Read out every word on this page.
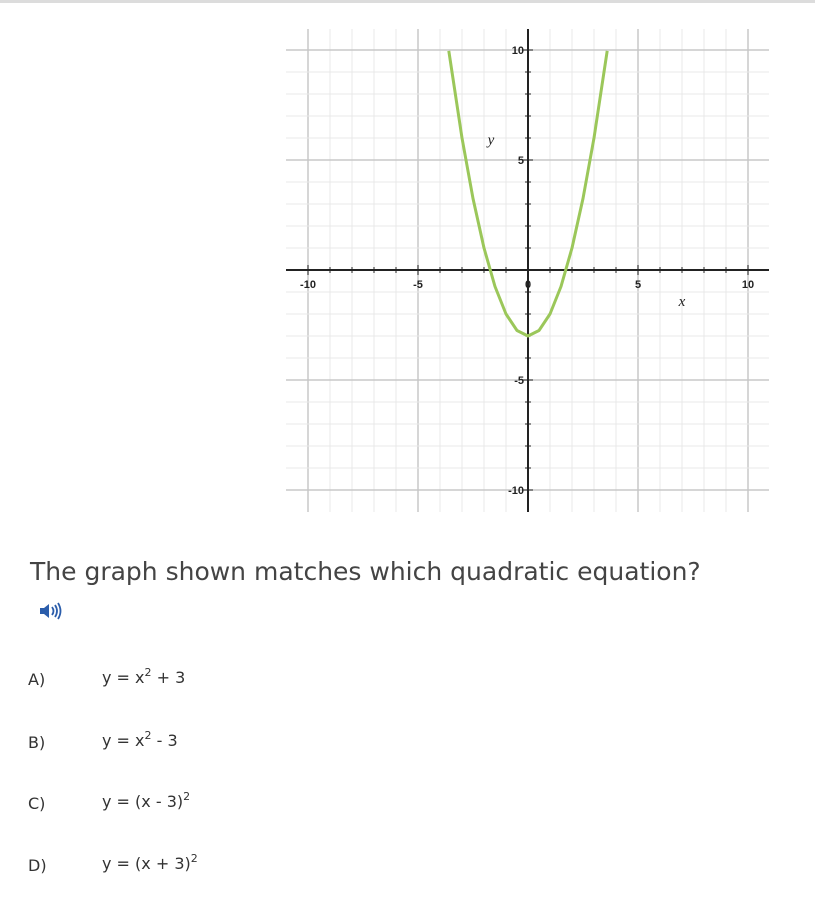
-10	-5	0	5	10
10
5
-5
-10
x
y
The graph shown matches which quadratic equation?
A)	$y = x^2 + 3$
B)	$y = x^2 - 3$
C)	y = (x - 3)$^2$
D)	$y = (x + 3)^2$
